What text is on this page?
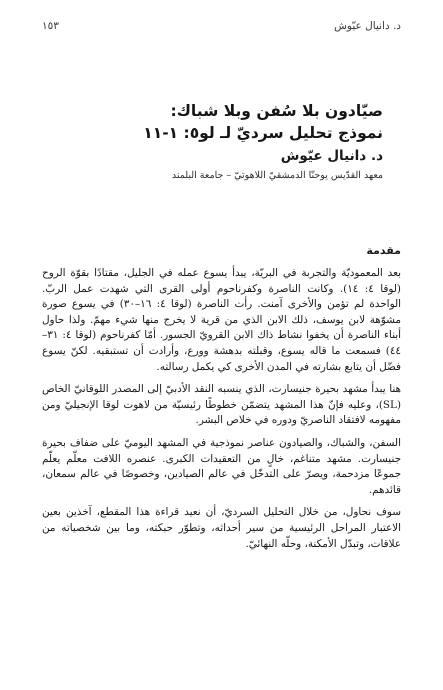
د. دانيال عيّوش
١٥٣
صيّادون بلا سُفن وبلا شباك:
نموذج تحليل سرديّ لـ لو٥: ١-١١
د. دانيال عيّوش
معهد القدّيس يوحنّا الدمشقيّ اللاهوتيّ – جامعة البلمند
مقدمة

بعد المعموديّة والتجربة في البريّة، يبدأ يسوع عمله في الجليل، مقتادًا بقوّة الروح (لوقا ٤: ١٤). وكانت الناصرة وكفرناحوم أولى القرى التي شهدت عمل الربّ. الواحدة لم تؤمن والأخرى آمنت. رأت الناصرة (لوقا ٤: ١٦–٣٠) في يسوع صورة مشوّهة لابن يوسف، ذلك الابن الذي من قرية لا يخرج منها شيء مهمّ. ولذا حاول أبناء الناصرة أن يخفوا نشاط ذاك الابن القرويّ الجسور. أمّا كفرناحوم (لوقا ٤: ٣١–٤٤) فسمعت ما قاله يسوع، وقبلته بدهشة وورع، وأرادت أن تستبقيه. لكنّ يسوع فضّل أن يتابع بشارته في المدن الأخرى كي يكمل رسالته.

هنا يبدأ مشهد بحيرة جنيسارت، الذي ينسبه النقد الأدبيّ إلى المصدر اللوقانيّ الخاص (SL)، وعليه فإنّ هذا المشهد يتضمّن خطوطًا رئيسيّة من لاهوت لوقا الإنجيليّ ومن مفهومه لافتقاد الناصريّ ودوره في خلاص البشر.

السفن، والشباك، والصيادون عناصر نموذجية في المشهد اليوميّ على ضفاف بحيرة جنيسارت. مشهد متناغم، خالٍ من التعقيدات الكبرى. عنصره اللافت معلّم يعلّم جموعًا مزدحمة، ويصرّ على التدخّل في عالم الصيادين، وخصوصًا في عالم سمعان، قائدهم.

سوف نحاول، من خلال التحليل السرديّ، أن نعيد قراءة هذا المقطع، آخذين بعين الاعتبار المراحل الرئيسية من سير أحداثه، وتطوّر حبكته، وما بين شخصياته من علاقات، وتبدّل الأمكنة، وحلّه النهائيّ.
